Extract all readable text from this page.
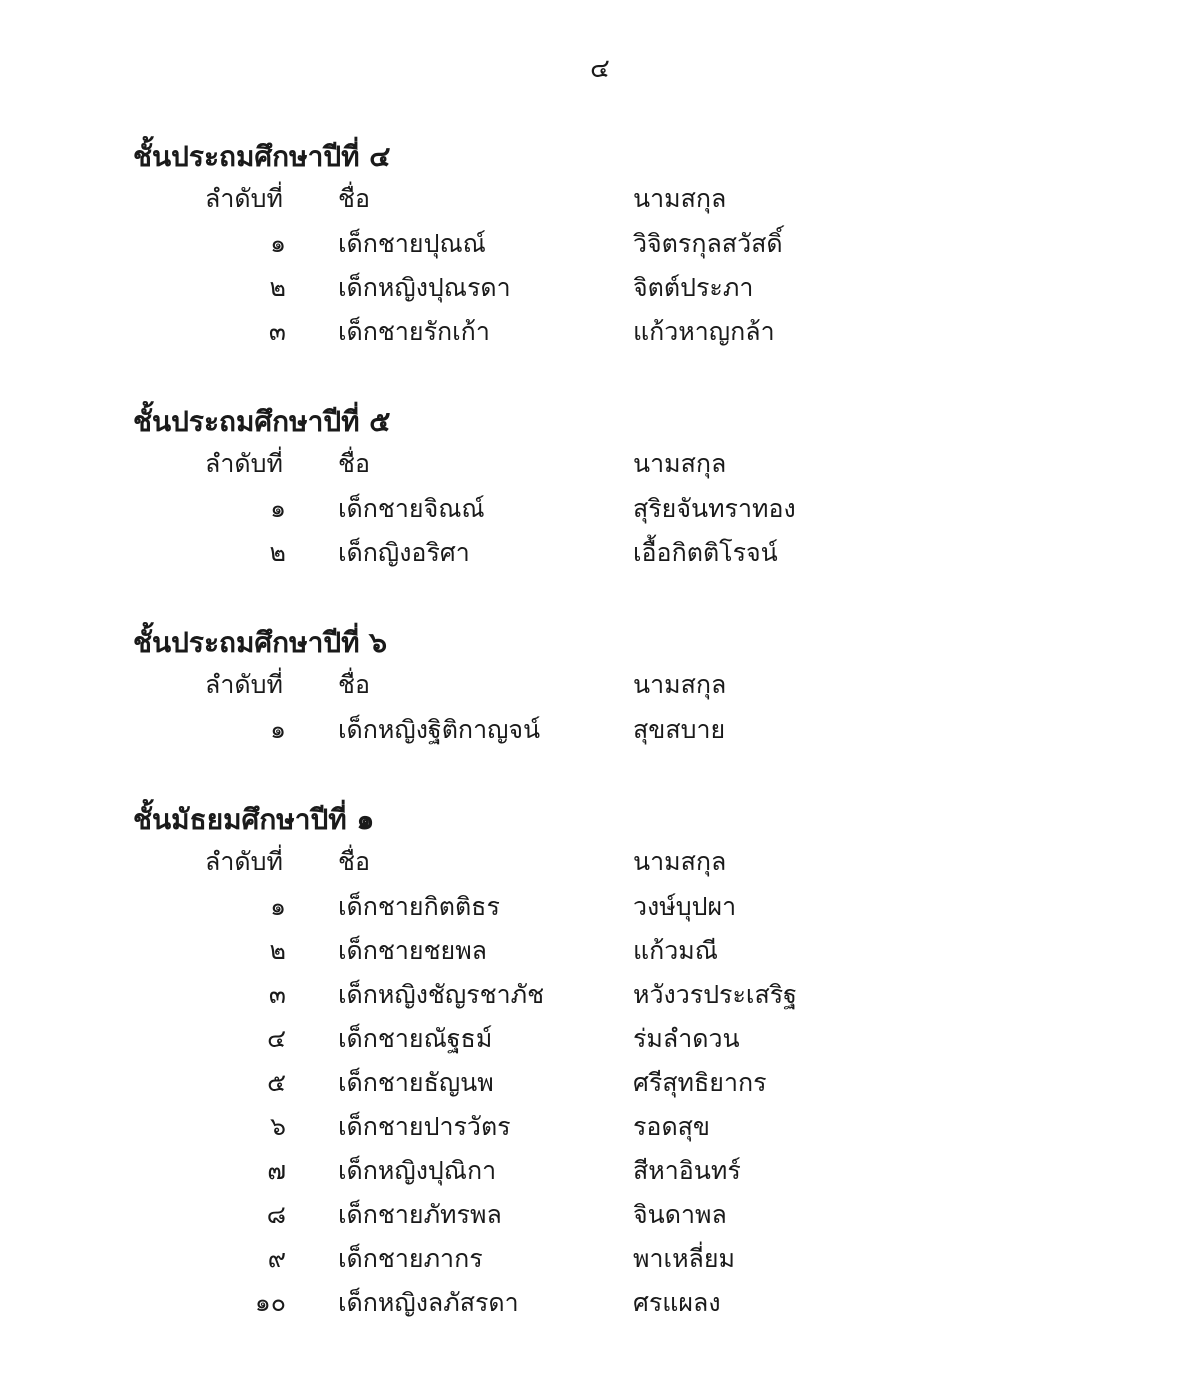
๔
ชั้นประถมศึกษาปีที่ ๔
ลำดับที่	ชื่อ	นามสกุล
๑ เด็กชายปุณณ์	วิจิตรกุลสวัสดิ์
๒ เด็กหญิงปุณรดา	จิตต์ประภา
๓ เด็กชายรักเก้า	แก้วหาญกล้า
ชั้นประถมศึกษาปีที่ ๕
ลำดับที่	ชื่อ	นามสกุล
๑ เด็กชายจิณณ์	สุริยจันทราทอง
๒ เด็กญิงอริศา	เอื้อกิตติโรจน์
ชั้นประถมศึกษาปีที่ ๖
ลำดับที่	ชื่อ	นามสกุล
๑ เด็กหญิงฐิติกาญจน์	สุขสบาย
ชั้นมัธยมศึกษาปีที่ ๑
ลำดับที่	ชื่อ	นามสกุล
๑ เด็กชายกิตติธร	วงษ์บุปผา
๒ เด็กชายชยพล	แก้วมณี
๓ เด็กหญิงชัญรชาภัช	หวังวรประเสริฐ
๔ เด็กชายณัฐธม์	ร่มลำดวน
๕ เด็กชายธัญนพ	ศรีสุทธิยากร
๖ เด็กชายปารวัตร	รอดสุข
๗ เด็กหญิงปุณิกา	สีหาอินทร์
๘ เด็กชายภัทรพล	จินดาพล
๙ เด็กชายภากร	พาเหลี่ยม
๑๐ เด็กหญิงลภัสรดา	ศรแผลง
